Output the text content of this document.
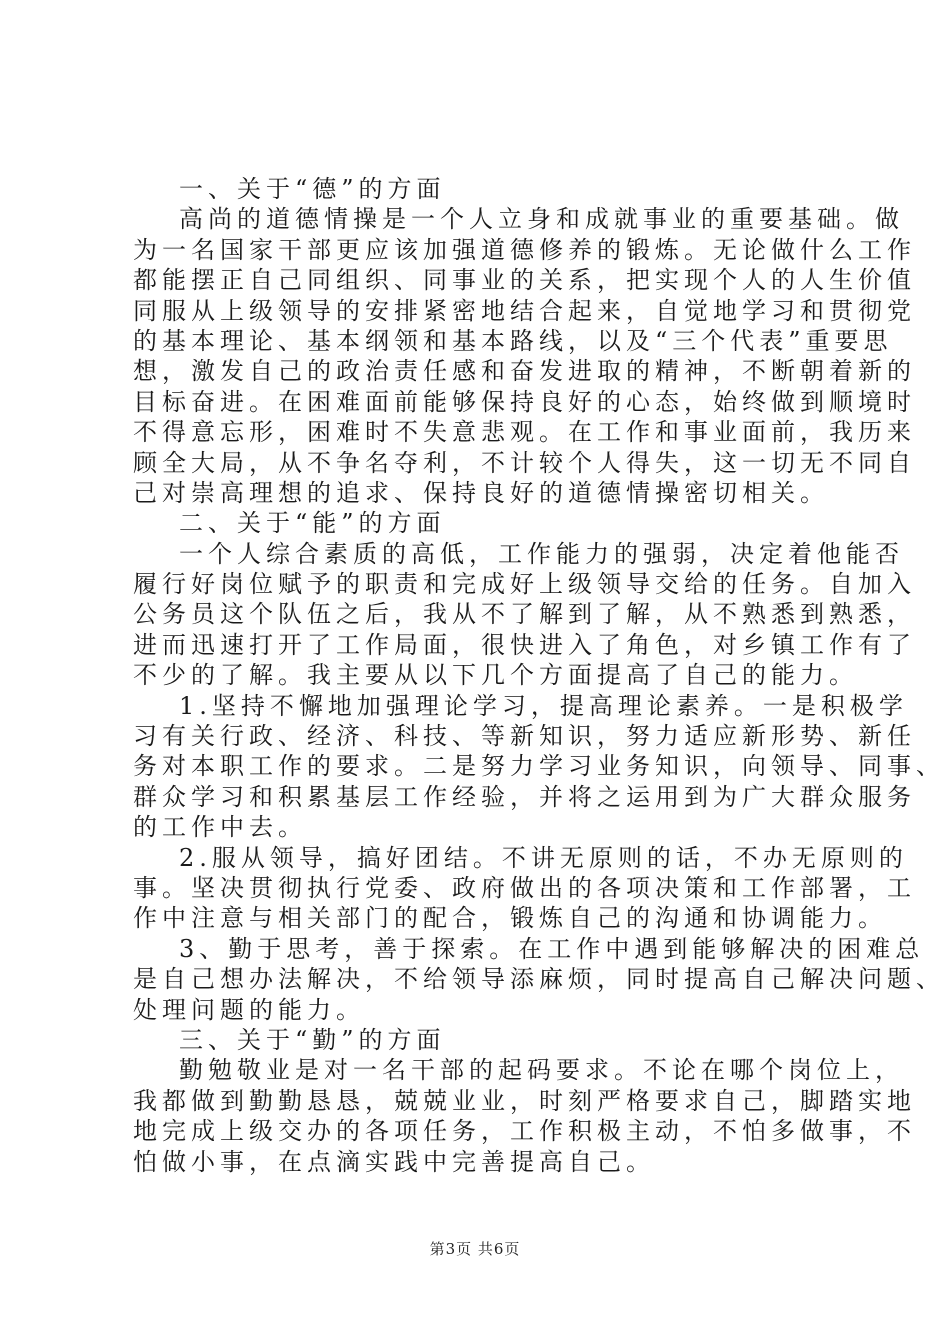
一、关于“德”的方面
高尚的道德情操是一个人立身和成就事业的重要基础。做
为一名国家干部更应该加强道德修养的锻炼。无论做什么工作
都能摆正自己同组织、同事业的关系，把实现个人的人生价值
同服从上级领导的安排紧密地结合起来，自觉地学习和贯彻党
的基本理论、基本纲领和基本路线，以及“三个代表”重要思
想，激发自己的政治责任感和奋发进取的精神，不断朝着新的
目标奋进。在困难面前能够保持良好的心态，始终做到顺境时
不得意忘形，困难时不失意悲观。在工作和事业面前，我历来
顾全大局，从不争名夺利，不计较个人得失，这一切无不同自
己对崇高理想的追求、保持良好的道德情操密切相关。
二、关于“能”的方面
一个人综合素质的高低，工作能力的强弱，决定着他能否
履行好岗位赋予的职责和完成好上级领导交给的任务。自加入
公务员这个队伍之后，我从不了解到了解，从不熟悉到熟悉，
进而迅速打开了工作局面，很快进入了角色，对乡镇工作有了
不少的了解。我主要从以下几个方面提高了自己的能力。
1.坚持不懈地加强理论学习，提高理论素养。一是积极学
习有关行政、经济、科技、等新知识，努力适应新形势、新任
务对本职工作的要求。二是努力学习业务知识，向领导、同事、
群众学习和积累基层工作经验，并将之运用到为广大群众服务
的工作中去。
2.服从领导，搞好团结。不讲无原则的话，不办无原则的
事。坚决贯彻执行党委、政府做出的各项决策和工作部署，工
作中注意与相关部门的配合，锻炼自己的沟通和协调能力。
3、勤于思考，善于探索。在工作中遇到能够解决的困难总
是自己想办法解决，不给领导添麻烦，同时提高自己解决问题、
处理问题的能力。
三、关于“勤”的方面
勤勉敬业是对一名干部的起码要求。不论在哪个岗位上，
我都做到勤勤恳恳，兢兢业业，时刻严格要求自己，脚踏实地
地完成上级交办的各项任务，工作积极主动，不怕多做事，不
怕做小事，在点滴实践中完善提高自己。
第3页 共6页
